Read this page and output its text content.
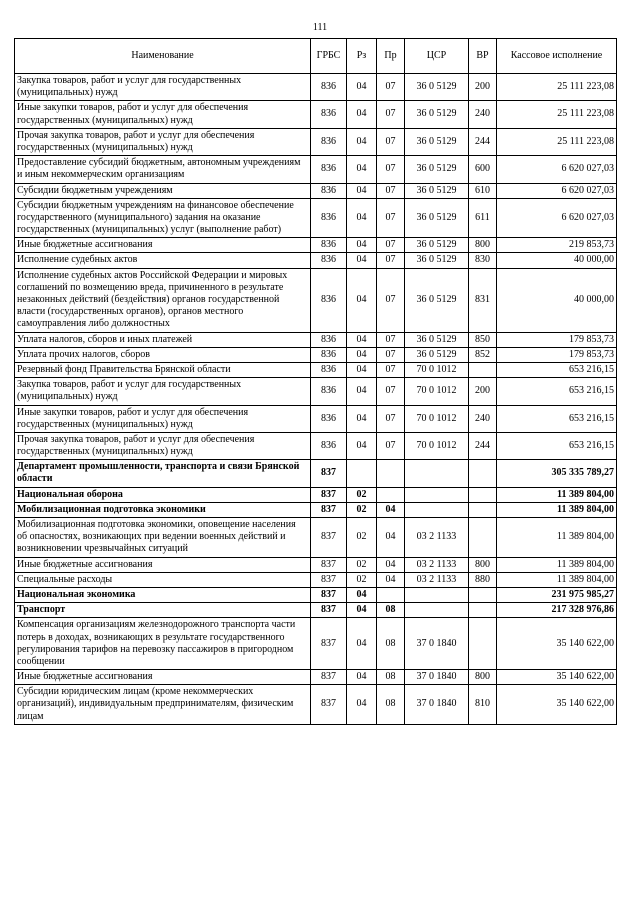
111
Наименование	ГРБС	Рз	Пр	ЦСР	ВР	Кассовое исполнение
Закупка товаров, работ и услуг для государственных (муниципальных) нужд	836	04	07	36 0 5129	200	25 111 223,08
Иные закупки товаров, работ и услуг для обеспечения государственных (муниципальных) нужд	836	04	07	36 0 5129	240	25 111 223,08
Прочая закупка товаров, работ и услуг для обеспечения государственных (муниципальных) нужд	836	04	07	36 0 5129	244	25 111 223,08
Предоставление субсидий бюджетным, автономным учреждениям и иным некоммерческим организациям	836	04	07	36 0 5129	600	6 620 027,03
Субсидии бюджетным учреждениям	836	04	07	36 0 5129	610	6 620 027,03
Субсидии бюджетным учреждениям на финансовое обеспечение государственного (муниципального) задания на оказание государственных (муниципальных) услуг (выполнение работ)	836	04	07	36 0 5129	611	6 620 027,03
Иные бюджетные ассигнования	836	04	07	36 0 5129	800	219 853,73
Исполнение судебных актов	836	04	07	36 0 5129	830	40 000,00
Исполнение судебных актов Российской Федерации и мировых соглашений по возмещению вреда, причиненного в результате незаконных действий (бездействия) органов государственной власти (государственных органов), органов местного самоуправления либо должностных	836	04	07	36 0 5129	831	40 000,00
Уплата налогов, сборов и иных платежей	836	04	07	36 0 5129	850	179 853,73
Уплата прочих налогов, сборов	836	04	07	36 0 5129	852	179 853,73
Резервный фонд Правительства Брянской области	836	04	07	70 0 1012		653 216,15
Закупка товаров, работ и услуг для государственных (муниципальных) нужд	836	04	07	70 0 1012	200	653 216,15
Иные закупки товаров, работ и услуг для обеспечения государственных (муниципальных) нужд	836	04	07	70 0 1012	240	653 216,15
Прочая закупка товаров, работ и услуг для обеспечения государственных (муниципальных) нужд	836	04	07	70 0 1012	244	653 216,15
Департамент промышленности, транспорта и связи Брянской области	837					305 335 789,27
Национальная оборона	837	02				11 389 804,00
Мобилизационная подготовка экономики	837	02	04			11 389 804,00
Мобилизационная подготовка экономики, оповещение населения об опасностях, возникающих при ведении военных действий и возникновении чрезвычайных ситуаций	837	02	04	03 2 1133		11 389 804,00
Иные бюджетные ассигнования	837	02	04	03 2 1133	800	11 389 804,00
Специальные расходы	837	02	04	03 2 1133	880	11 389 804,00
Национальная экономика	837	04				231 975 985,27
Транспорт	837	04	08			217 328 976,86
Компенсация организациям железнодорожного транспорта части потерь в доходах, возникающих в результате государственного регулирования тарифов на перевозку пассажиров в пригородном сообщении	837	04	08	37 0 1840		35 140 622,00
Иные бюджетные ассигнования	837	04	08	37 0 1840	800	35 140 622,00
Субсидии юридическим лицам (кроме некоммерческих организаций), индивидуальным предпринимателям, физическим лицам	837	04	08	37 0 1840	810	35 140 622,00
